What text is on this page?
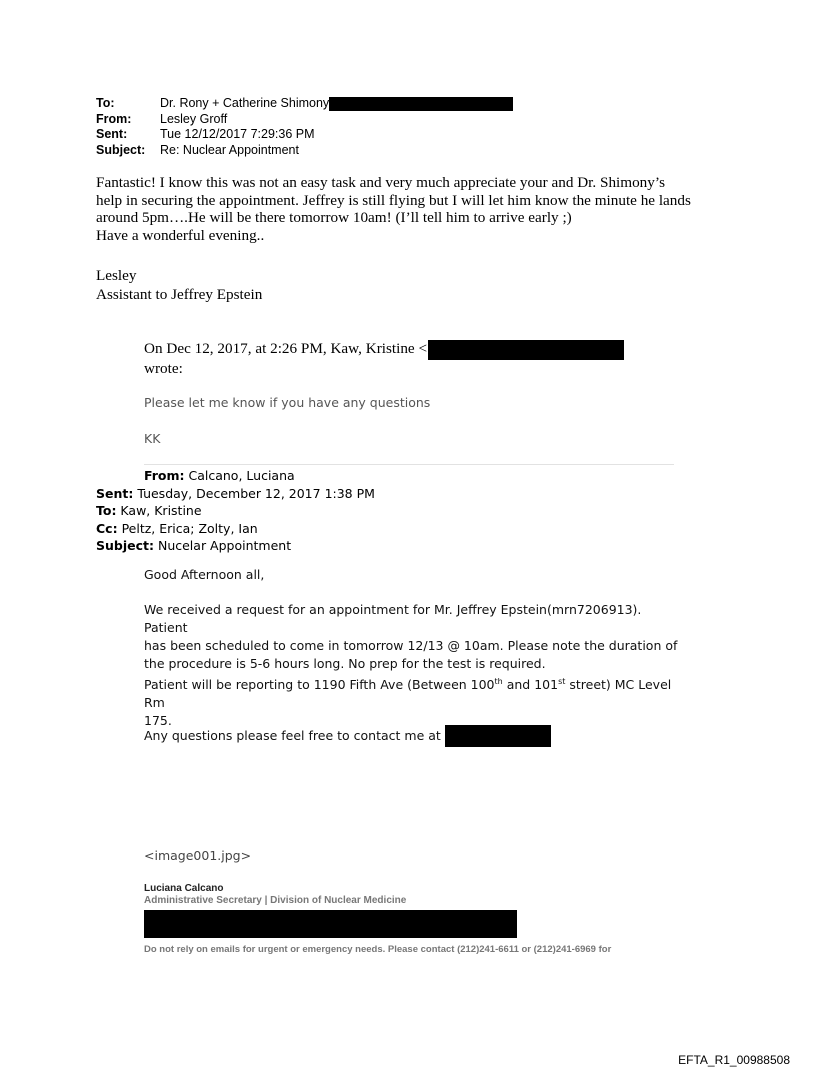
To:	Dr. Rony + Catherine Shimony
From:	Lesley Groff
Sent:	Tue 12/12/2017 7:29:36 PM
Subject:	Re: Nuclear Appointment

Fantastic! I know this was not an easy task and very much appreciate your and Dr. Shimony’s

help in securing the appointment. Jeffrey is still flying but I will let him know the minute he lands

around 5pm….He will be there tomorrow 10am! (I’ll tell him to arrive early ;)

Have a wonderful evening..

Lesley
Assistant to Jeffrey Epstein
On Dec 12, 2017, at 2:26 PM, Kaw, Kristine <
wrote:
Please let me know if you have any questions
KK
From: Calcano, Luciana
Sent: Tuesday, December 12, 2017 1:38 PM
To: Kaw, Kristine
Cc: Peltz, Erica; Zolty, Ian
Subject: Nucelar Appointment
Good Afternoon all,

We received a request for an appointment for Mr. Jeffrey Epstein(mrn7206913). Patient

has been scheduled to come in tomorrow 12/13 @ 10am. Please note the duration of

the procedure is 5-6 hours long. No prep for the test is required.

Patient will be reporting to 1190 Fifth Ave (Between 100th and 101st street) MC Level Rm

175.

Any questions please feel free to contact me at
<image001.jpg>
Luciana Calcano
Administrative Secretary | Division of Nuclear Medicine
Do not rely on emails for urgent or emergency needs. Please contact (212)241-6611 or (212)241-6969 for
EFTA_R1_00988508
